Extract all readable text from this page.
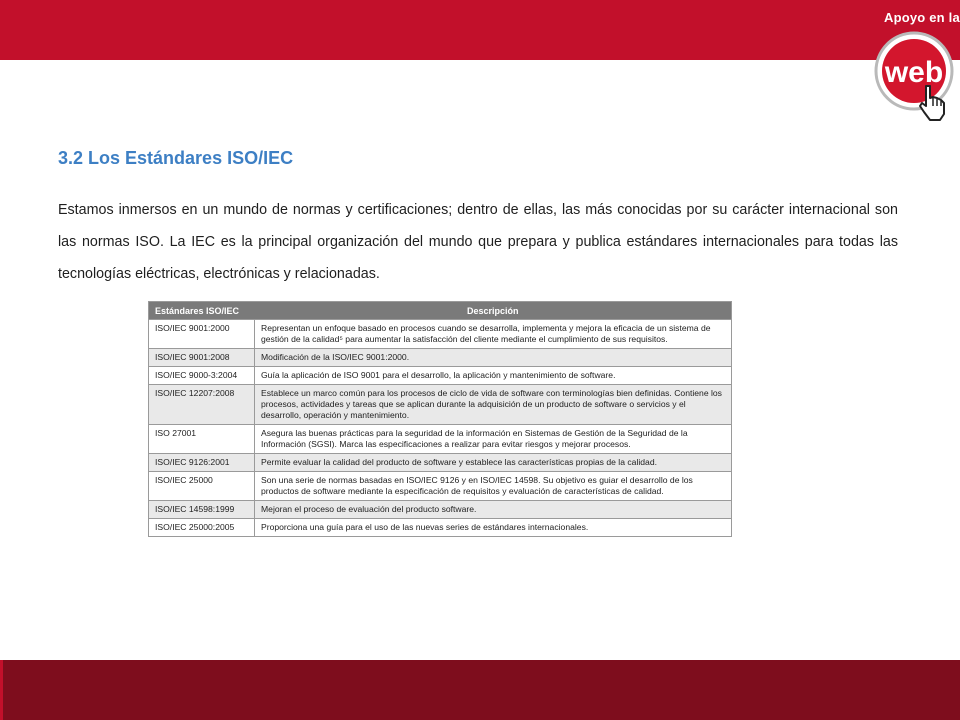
Apoyo en la
web
3.2 Los Estándares ISO/IEC

Estamos inmersos en un mundo de normas y certificaciones; dentro de ellas, las más conocidas por su carácter internacional son las normas ISO. La IEC es la principal organización del mundo que prepara y publica estándares internacionales para todas las tecnologías eléctricas, electrónicas y relacionadas.

Estándares ISO/IEC	Descripción
ISO/IEC 9001:2000	Representan un enfoque basado en procesos cuando se desarrolla, implementa y mejora la eficacia de un sistema de gestión de la calidad⁵ para aumentar la satisfacción del cliente mediante el cumplimiento de sus requisitos.
ISO/IEC 9001:2008	Modificación de la ISO/IEC 9001:2000.
ISO/IEC 9000-3:2004	Guía la aplicación de ISO 9001 para el desarrollo, la aplicación y mantenimiento de software.
ISO/IEC 12207:2008	Establece un marco común para los procesos de ciclo de vida de software con terminologías bien definidas. Contiene los procesos, actividades y tareas que se aplican durante la adquisición de un producto de software o servicios y el desarrollo, operación y mantenimiento.
ISO 27001	Asegura las buenas prácticas para la seguridad de la información en Sistemas de Gestión de la Seguridad de la Información (SGSI). Marca las especificaciones a realizar para evitar riesgos y mejorar procesos.
ISO/IEC 9126:2001	Permite evaluar la calidad del producto de software y establece las características propias de la calidad.
ISO/IEC 25000	Son una serie de normas basadas en ISO/IEC 9126 y en ISO/IEC 14598. Su objetivo es guiar el desarrollo de los productos de software mediante la especificación de requisitos y evaluación de características de calidad.
ISO/IEC 14598:1999	Mejoran el proceso de evaluación del producto software.
ISO/IEC 25000:2005	Proporciona una guía para el uso de las nuevas series de estándares internacionales.
